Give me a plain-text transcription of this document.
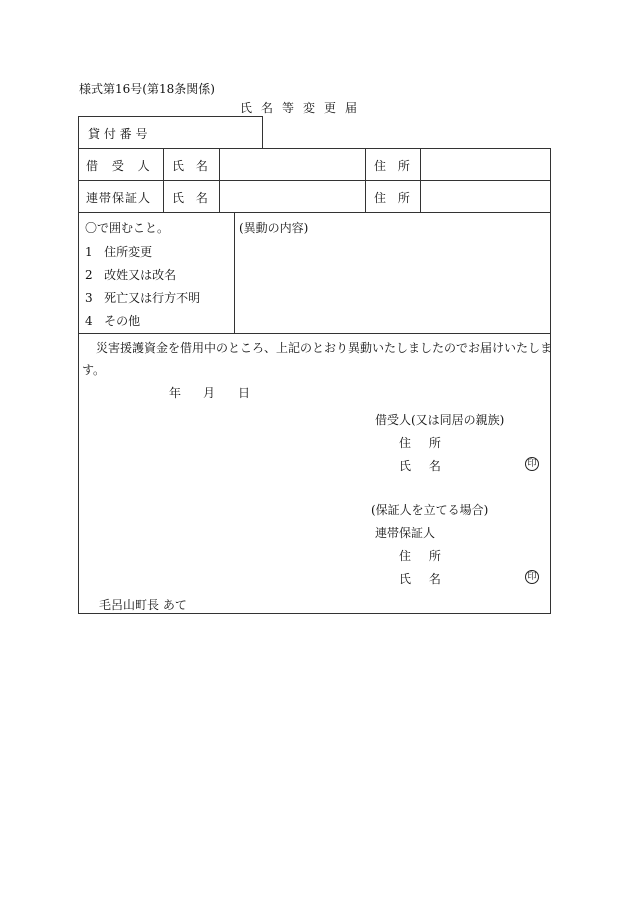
様式第16号(第18条関係)
氏名等変更届
貸 付 番 号
借 受 人 氏 名	住 所
連帯保証人 氏 名	住 所
〇で囲むこと。
1 住所変更
2 改姓又は改名
3 死亡又は行方不明
4 その他
(異動の内容)
災害援護資金を借用中のところ、上記のとおり異動いたしましたのでお届けいたしま
す。
年 月 日
借受人(又は同居の親族)
住 所
氏 名	印
(保証人を立てる場合)
連帯保証人
住 所
氏 名	印
毛呂山町長 あて
